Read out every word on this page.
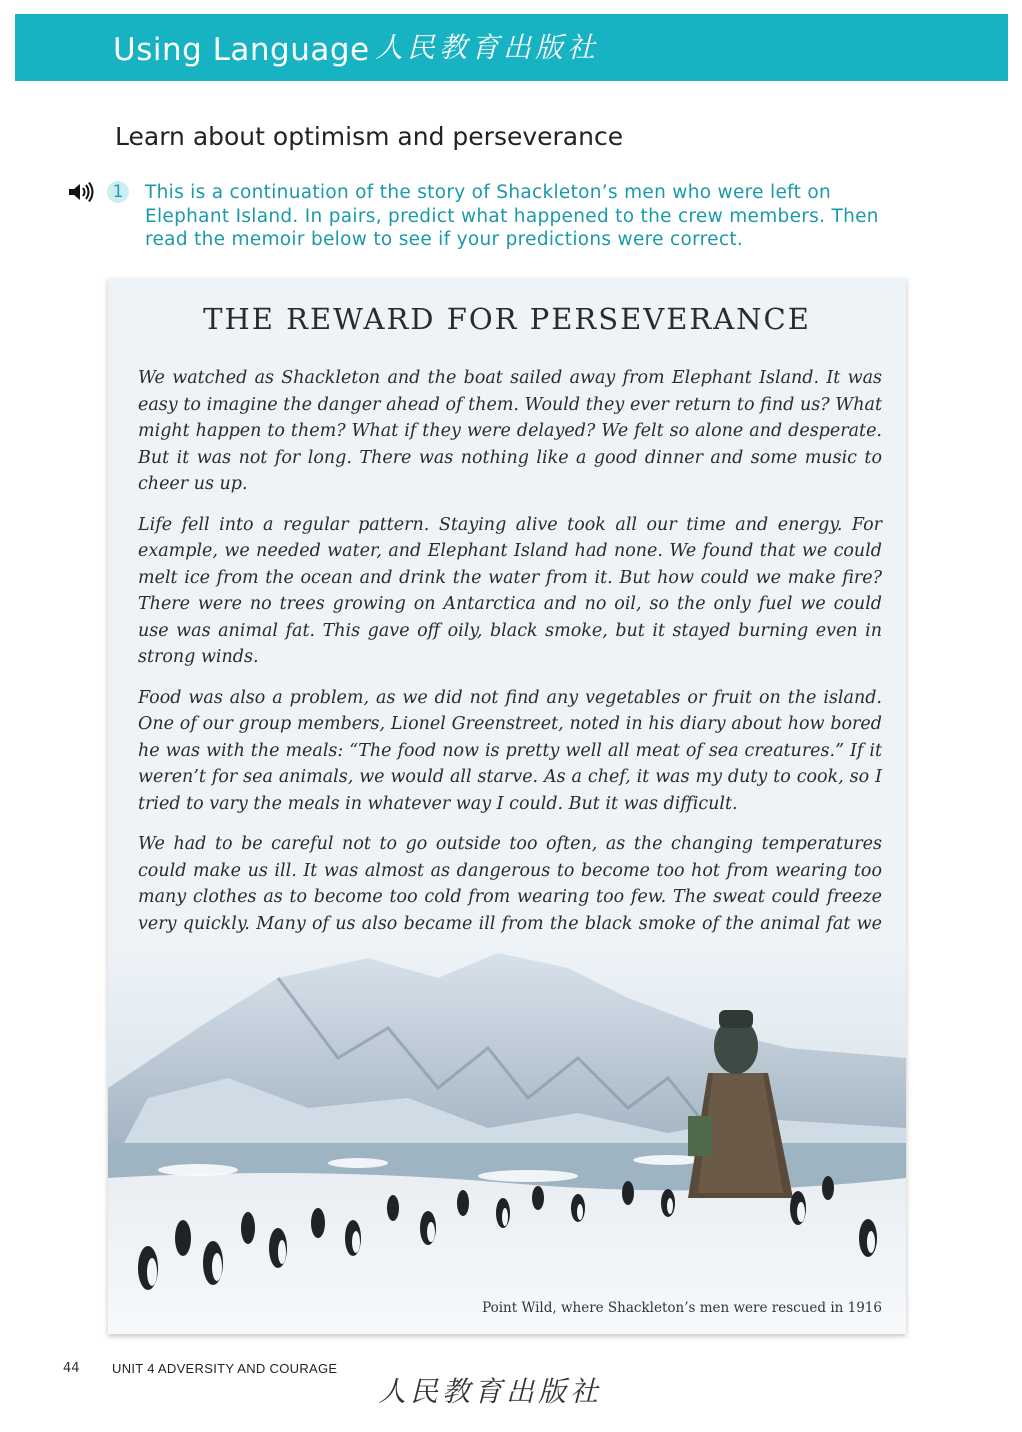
Using Language 人民教育出版社
Learn about optimism and perseverance
1	This is a continuation of the story of Shackleton’s men who were left on Elephant Island. In pairs, predict what happened to the crew members. Then read the memoir below to see if your predictions were correct.
THE REWARD FOR PERSEVERANCE

We watched as Shackleton and the boat sailed away from Elephant Island. It was easy to imagine the danger ahead of them. Would they ever return to find us? What might happen to them? What if they were delayed? We felt so alone and desperate. But it was not for long. There was nothing like a good dinner and some music to cheer us up.

Life fell into a regular pattern. Staying alive took all our time and energy. For example, we needed water, and Elephant Island had none. We found that we could melt ice from the ocean and drink the water from it. But how could we make fire? There were no trees growing on Antarctica and no oil, so the only fuel we could use was animal fat. This gave off oily, black smoke, but it stayed burning even in strong winds.

Food was also a problem, as we did not find any vegetables or fruit on the island. One of our group members, Lionel Greenstreet, noted in his diary about how bored he was with the meals: “The food now is pretty well all meat of sea creatures.” If it weren’t for sea animals, we would all starve. As a chef, it was my duty to cook, so I tried to vary the meals in whatever way I could. But it was difficult.

We had to be careful not to go outside too often, as the changing temperatures could make us ill. It was almost as dangerous to become too hot from wearing too many clothes as to become too cold from wearing too few. The sweat could freeze very quickly. Many of us also became ill from the black smoke of the animal fat we

Point Wild, where Shackleton’s men were rescued in 1916
44 UNIT 4 ADVERSITY AND COURAGE
人民教育出版社
